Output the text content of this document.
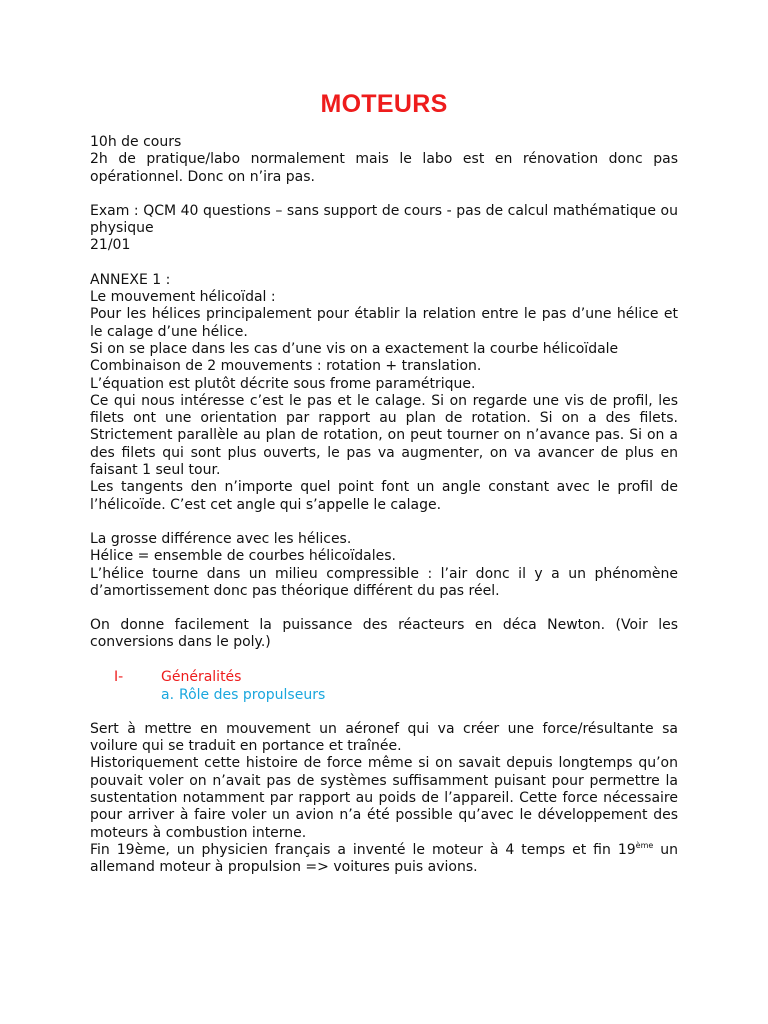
MOTEURS

10h de cours

2h de pratique/labo normalement mais le labo est en rénovation donc pas opérationnel. Donc on n’ira pas.

Exam : QCM 40 questions – sans support de cours - pas de calcul mathématique ou physique

21/01

ANNEXE 1 :

Le mouvement hélicoïdal :

Pour les hélices principalement pour établir la relation entre le pas d’une hélice et le calage d’une hélice.

Si on se place dans les cas d’une vis on a exactement la courbe hélicoïdale

Combinaison de 2 mouvements : rotation + translation.

L’équation est plutôt décrite sous frome paramétrique.

Ce qui nous intéresse c’est le pas et le calage. Si on regarde une vis de profil, les filets ont une orientation par rapport au plan de rotation. Si on a des filets. Strictement parallèle au plan de rotation, on peut tourner on n’avance pas. Si on a des filets qui sont plus ouverts, le pas va augmenter, on va avancer de plus en faisant 1 seul tour.

Les tangents den n’importe quel point font un angle constant avec le profil de l’hélicoïde. C’est cet angle qui s’appelle le calage.

La grosse différence avec les hélices.

Hélice = ensemble de courbes hélicoïdales.

L’hélice tourne dans un milieu compressible : l’air donc il y a un phénomène d’amortissement donc pas théorique différent du pas réel.

On donne facilement la puissance des réacteurs en déca Newton. (Voir les conversions dans le poly.)

I-	Généralités
a. Rôle des propulseurs

Sert à mettre en mouvement un aéronef qui va créer une force/résultante sa voilure qui se traduit en portance et traînée.

Historiquement cette histoire de force même si on savait depuis longtemps qu’on pouvait voler on n’avait pas de systèmes suffisamment puisant pour permettre la sustentation notamment par rapport au poids de l’appareil. Cette force nécessaire pour arriver à faire voler un avion n’a été possible qu’avec le développement des moteurs à combustion interne.

Fin 19ème, un physicien français a inventé le moteur à 4 temps et fin 19ème un allemand moteur à propulsion => voitures puis avions.
